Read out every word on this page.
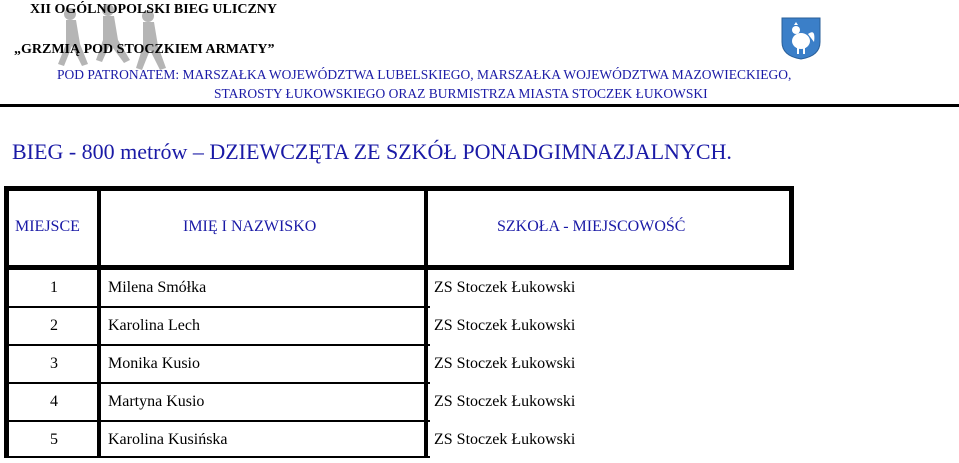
XII OGÓLNOPOLSKI BIEG ULICZNY
„GRZMIĄ POD STOCZKIEM ARMATY”
POD PATRONATEM: MARSZAŁKA WOJEWÓDZTWA LUBELSKIEGO, MARSZAŁKA WOJEWÓDZTWA MAZOWIECKIEGO,
STAROSTY ŁUKOWSKIEGO ORAZ BURMISTRZA MIASTA STOCZEK ŁUKOWSKI
BIEG - 800 metrów – DZIEWCZĘTA ZE SZKÓŁ PONADGIMNAZJALNYCH.
MIEJSCE	IMIĘ I NAZWISKO	SZKOŁA - MIEJSCOWOŚĆ
1	Milena Smółka	ZS Stoczek Łukowski
2	Karolina Lech	ZS Stoczek Łukowski
3	Monika Kusio	ZS Stoczek Łukowski
4	Martyna Kusio	ZS Stoczek Łukowski
5	Karolina Kusińska	ZS Stoczek Łukowski
